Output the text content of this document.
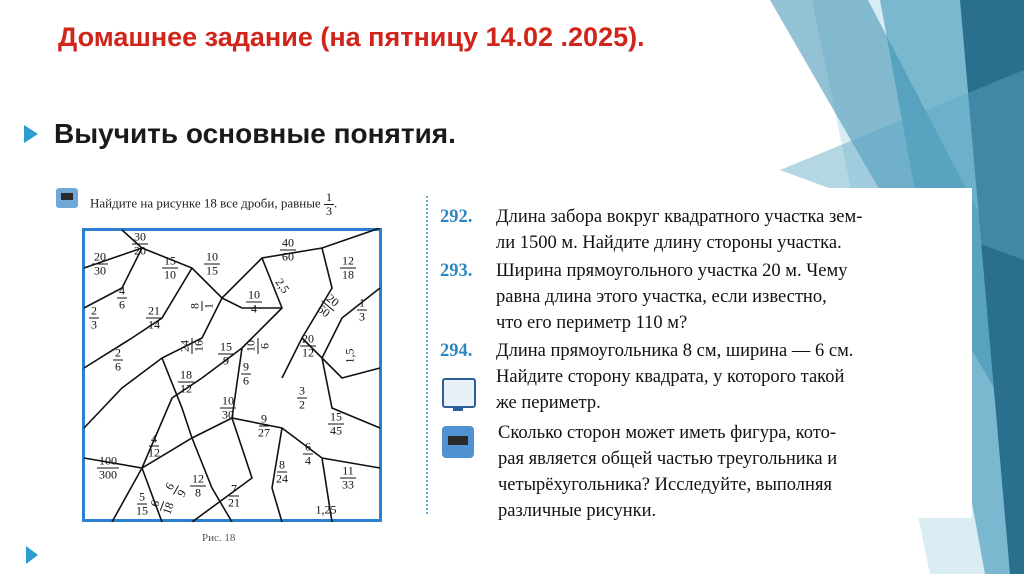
Домашнее задание (на пятницу 14.02 .2025).
Выучить основные понятия.
Найдите на рисунке 18 все дроби, равные $\frac{1}{3}$ .
$\frac{30}{20}$
$\frac{20}{30}$	$\frac{15}{10} \frac{10}{15}$
$\frac{40}{60}$
$\frac{12}{18}$
$\frac{4}{6}$
$\frac{21}{14} 8$ 1	$\frac{10}{4}$	20
$60 \frac{1}{3}$
$\frac{2}{3}$
24 $16 \frac{15}{9} 10$ $6 \frac{20}{12}$
$\frac{2}{6}$
$\frac{18}{12}$	$\frac{9}{6}$
$\frac{3}{2}$
$\frac{10}{30}$
$\frac{9}{27}$	$\frac{15}{45}$
$\frac{4}{12}$	$\frac{6}{4}$
$\frac{100}{300}$	$\frac{8}{24}$	$\frac{11}{33}$
$\frac{12}{8}$
6
9	$\frac{7}{21}$
$\frac{5}{15}$
6
18
2,5
1,5
1,25
Рис. 18
292. Длина забора вокруг квадратного участка зем-
ли 1500 м. Найдите длину стороны участка.
293. Ширина прямоугольного участка 20 м. Чему
равна длина этого участка, если известно,
что его периметр 110 м?
294. Длина прямоугольника 8 см, ширина — 6 см.
Найдите сторону квадрата, у которого такой
же периметр.
Сколько сторон может иметь фигура, кото-
рая является общей частью треугольника и
четырёхугольника? Исследуйте, выполняя
различные рисунки.
